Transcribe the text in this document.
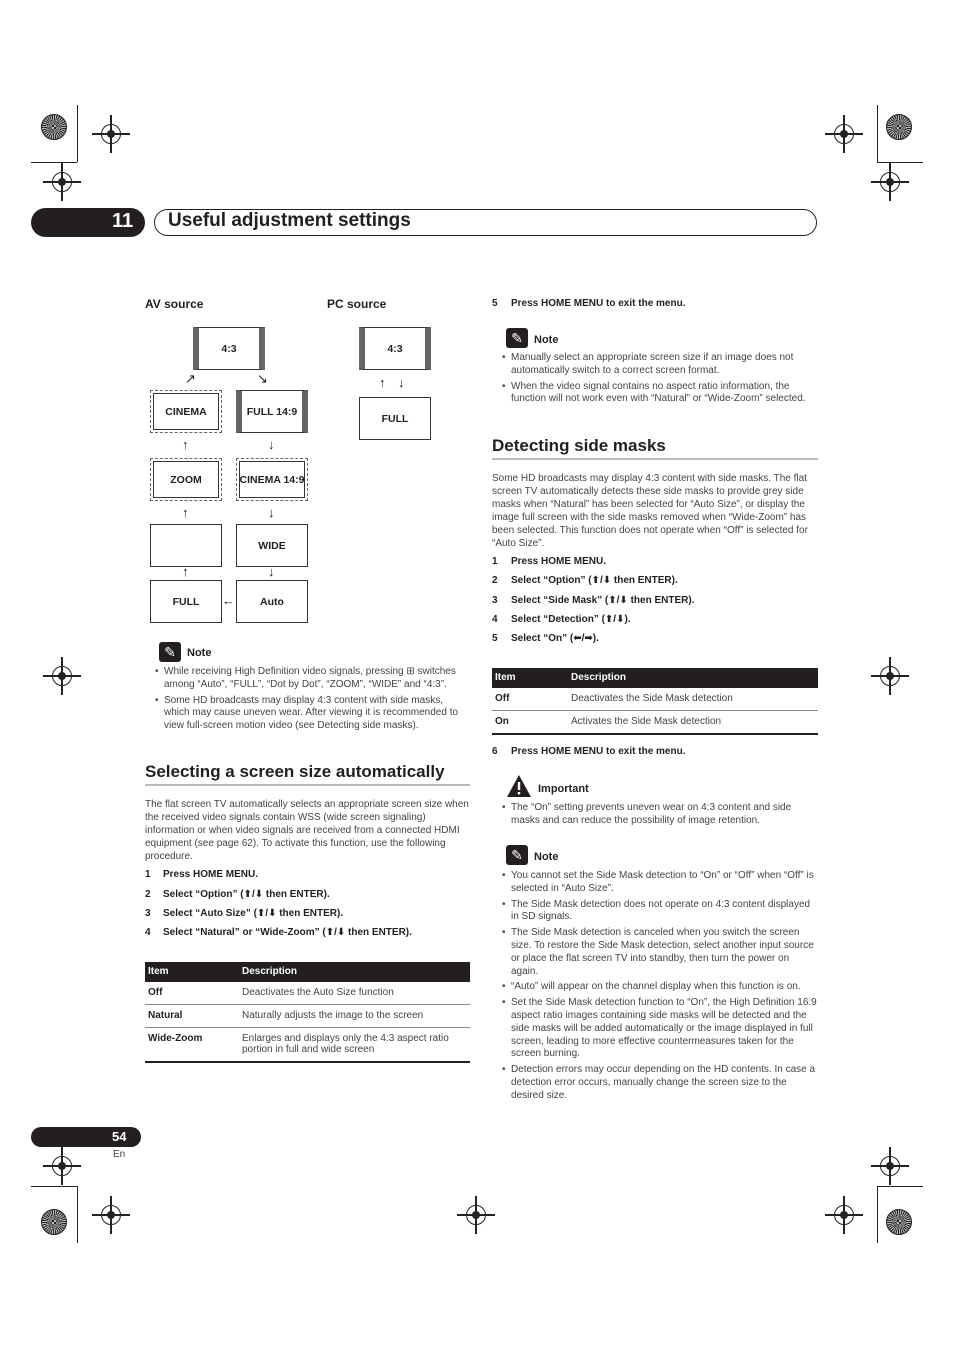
11 Useful adjustment settings
AV source	PC source
4:3
↗	↘
CINEMA	FULL 14:9
↑	↓
ZOOM	CINEMA 14:9
↑	↓
WIDE
↑	↓
FULL	Auto
←
4:3
↑ ↓
FULL
✎	Note
• While receiving High Definition video signals, pressing ⊞ switches among “Auto”, “FULL”, “Dot by Dot”, “ZOOM”, “WIDE” and “4:3”.
• Some HD broadcasts may display 4:3 content with side masks, which may cause uneven wear. After viewing it is recommended to view full-screen motion video (see Detecting side masks).
Selecting a screen size automatically
The flat screen TV automatically selects an appropriate screen size when the received video signals contain WSS (wide screen signaling) information or when video signals are received from a connected HDMI equipment (see page 62). To activate this function, use the following procedure.
1 Press HOME MENU.
2 Select “Option” (⬆/⬇ then ENTER).
3 Select “Auto Size” (⬆/⬇ then ENTER).
4 Select “Natural” or “Wide-Zoom” (⬆/⬇ then ENTER).
Item	Description
Off	Deactivates the Auto Size function
Natural	Naturally adjusts the image to the screen
Wide-Zoom	Enlarges and displays only the 4:3 aspect ratio portion in full and wide screen
5 Press HOME MENU to exit the menu.
✎	Note
• Manually select an appropriate screen size if an image does not automatically switch to a correct screen format.
• When the video signal contains no aspect ratio information, the function will not work even with “Natural” or “Wide-Zoom” selected.
Detecting side masks
Some HD broadcasts may display 4:3 content with side masks. The flat screen TV automatically detects these side masks to provide grey side masks when “Natural” has been selected for “Auto Size”, or display the image full screen with the side masks removed when “Wide-Zoom” has been selected. This function does not operate when “Off” is selected for “Auto Size”.
1 Press HOME MENU.
2 Select “Option” (⬆/⬇ then ENTER).
3 Select “Side Mask” (⬆/⬇ then ENTER).
4 Select “Detection” (⬆/⬇).
5 Select “On” (⬅/➡).
Item	Description
Off	Deactivates the Side Mask detection
On	Activates the Side Mask detection
6 Press HOME MENU to exit the menu.
Important
• The “On” setting prevents uneven wear on 4:3 content and side masks and can reduce the possibility of image retention.
✎	Note
• You cannot set the Side Mask detection to “On” or “Off” when “Off” is selected in “Auto Size”.
• The Side Mask detection does not operate on 4:3 content displayed in SD signals.
• The Side Mask detection is canceled when you switch the screen size. To restore the Side Mask detection, select another input source or place the flat screen TV into standby, then turn the power on again.
• “Auto” will appear on the channel display when this function is on.
• Set the Side Mask detection function to “On”, the High Definition 16:9 aspect ratio images containing side masks will be detected and the side masks will be added automatically or the image displayed in full screen, leading to more effective countermeasures taken for the screen burning.
• Detection errors may occur depending on the HD contents. In case a detection error occurs, manually change the screen size to the desired size.
54
En
